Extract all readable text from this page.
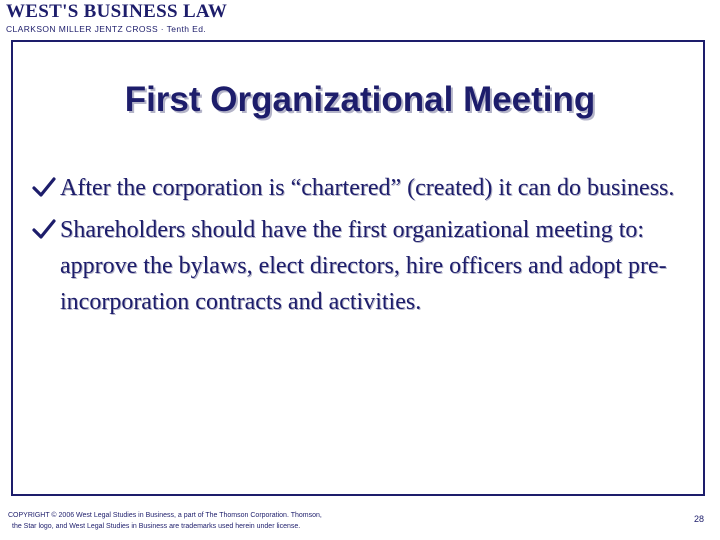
WEST'S BUSINESS LAW
CLARKSON MILLER JENTZ CROSS · Tenth Ed.
First Organizational Meeting
After the corporation is “chartered” (created) it can do business.
Shareholders should have the first organizational meeting to: approve the bylaws, elect directors, hire officers and adopt pre-incorporation contracts and activities.
COPYRIGHT © 2006 West Legal Studies in Business, a part of The Thomson Corporation. Thomson,
the Star logo, and West Legal Studies in Business are trademarks used herein under license.
28
